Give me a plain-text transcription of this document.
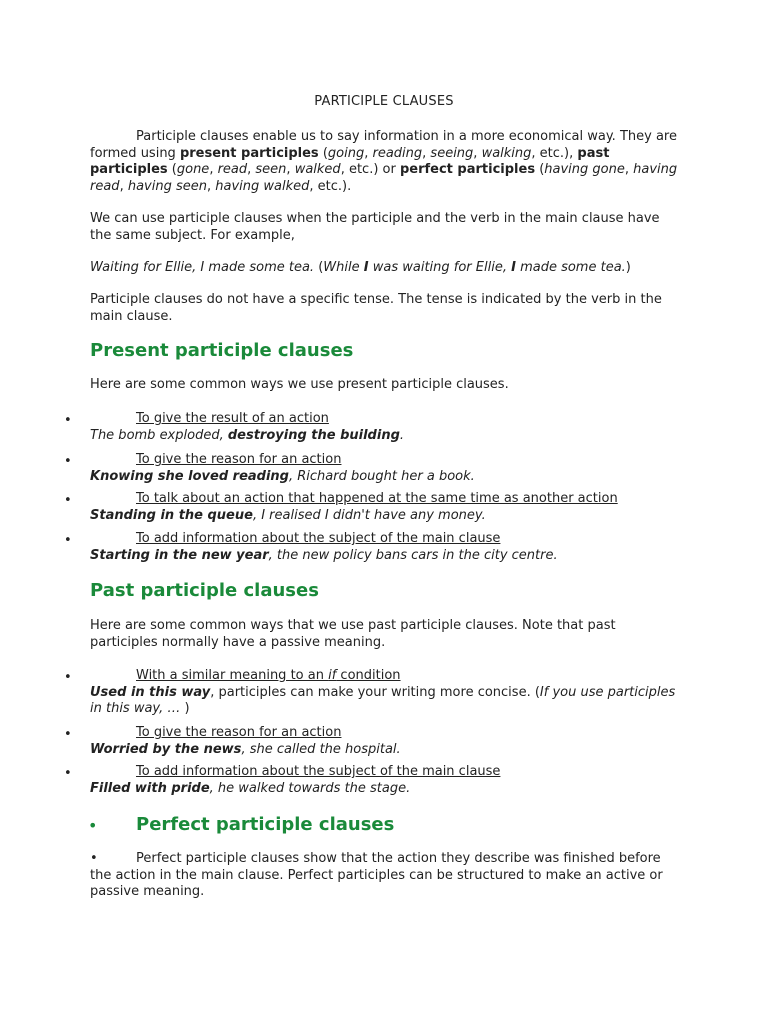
PARTICIPLE CLAUSES
Participle clauses enable us to say information in a more economical way. They are formed using present participles (going, reading, seeing, walking, etc.), past participles (gone, read, seen, walked, etc.) or perfect participles (having gone, having read, having seen, having walked, etc.).
We can use participle clauses when the participle and the verb in the main clause have the same subject. For example,
Waiting for Ellie, I made some tea. (While I was waiting for Ellie, I made some tea.)
Participle clauses do not have a specific tense. The tense is indicated by the verb in the main clause.
Present participle clauses
Here are some common ways we use present participle clauses.
To give the result of an action
The bomb exploded, destroying the building.
To give the reason for an action
Knowing she loved reading, Richard bought her a book.
To talk about an action that happened at the same time as another action
Standing in the queue, I realised I didn't have any money.
To add information about the subject of the main clause
Starting in the new year, the new policy bans cars in the city centre.
Past participle clauses
Here are some common ways that we use past participle clauses. Note that past participles normally have a passive meaning.
With a similar meaning to an if condition
Used in this way, participles can make your writing more concise. (If you use participles in this way, … )
To give the reason for an action
Worried by the news, she called the hospital.
To add information about the subject of the main clause
Filled with pride, he walked towards the stage.
Perfect participle clauses
•	Perfect participle clauses show that the action they describe was finished before the action in the main clause. Perfect participles can be structured to make an active or passive meaning.
•
•
•
•
•
•
•
•
